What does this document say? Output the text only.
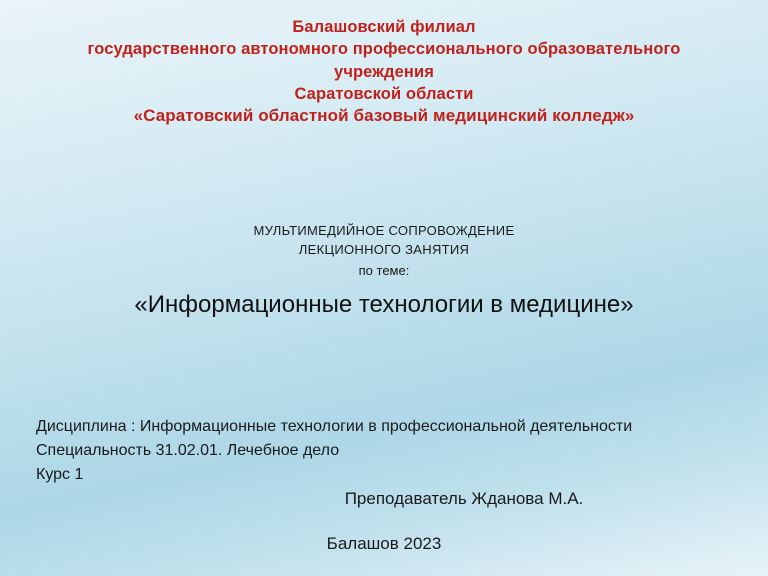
Балашовский филиал
государственного автономного профессионального образовательного
учреждения
Саратовской области
«Саратовский областной базовый медицинский колледж»
МУЛЬТИМЕДИЙНОЕ СОПРОВОЖДЕНИЕ
ЛЕКЦИОННОГО ЗАНЯТИЯ
по теме:
«Информационные технологии в медицине»
Дисциплина : Информационные технологии в профессиональной деятельности
Специальность 31.02.01. Лечебное дело
Курс 1
Преподаватель Жданова М.А.
Балашов 2023
